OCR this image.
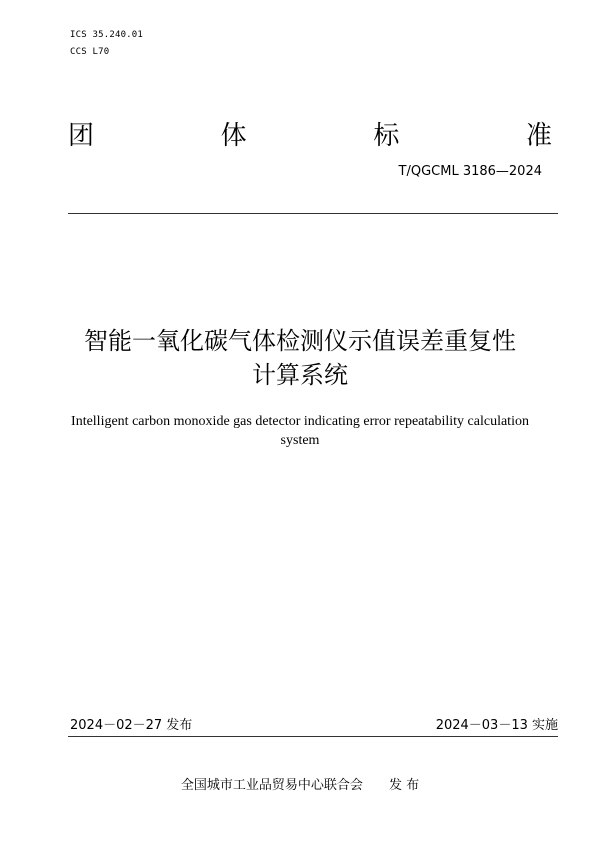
ICS 35.240.01
CCS L70
团	体	标	准
T/QGCML 3186—2024
智能一氧化碳气体检测仪示值误差重复性
计算系统
Intelligent carbon monoxide gas detector indicating error repeatability calculation
system
2024－02－27 发布	2024－03－13 实施
全国城市工业品贸易中心联合会 发 布
